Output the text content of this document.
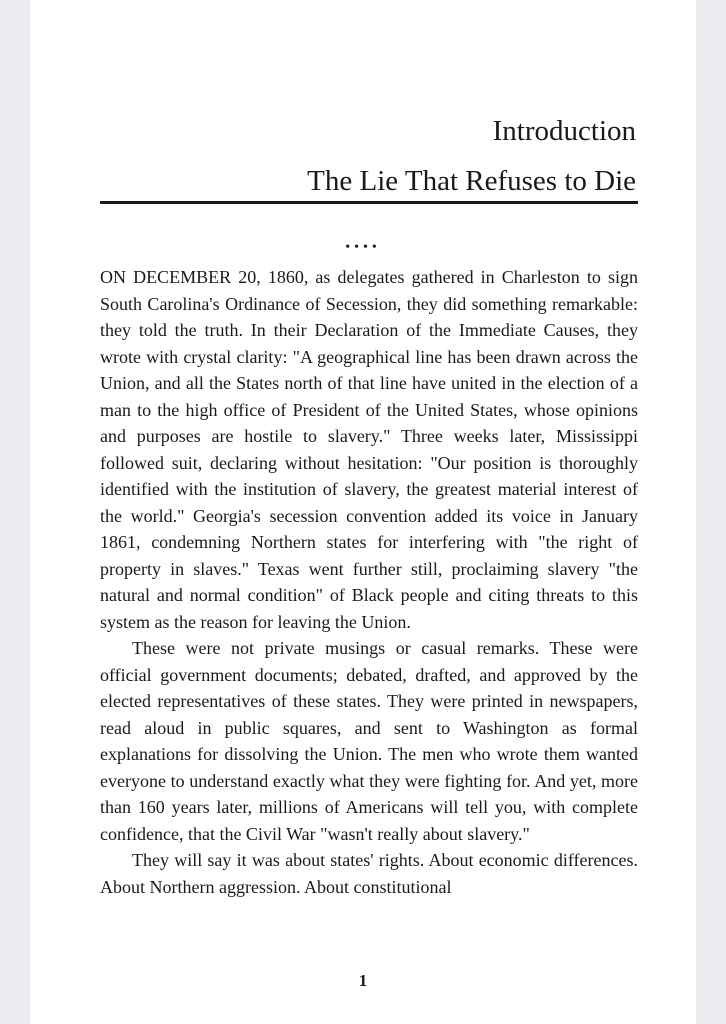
Introduction
The Lie That Refuses to Die
••••

ON DECEMBER 20, 1860, as delegates gathered in Charleston to sign South Carolina's Ordinance of Secession, they did something remarkable: they told the truth. In their Declaration of the Immediate Causes, they wrote with crystal clarity: "A geographical line has been drawn across the Union, and all the States north of that line have united in the election of a man to the high office of President of the United States, whose opinions and purposes are hostile to slavery." Three weeks later, Mississippi followed suit, declaring without hesitation: "Our position is thoroughly identified with the institution of slavery, the greatest material interest of the world." Georgia's secession convention added its voice in January 1861, condemning Northern states for interfering with "the right of property in slaves." Texas went further still, proclaiming slavery "the natural and normal condition" of Black people and citing threats to this system as the reason for leaving the Union.

These were not private musings or casual remarks. These were official government documents; debated, drafted, and approved by the elected representatives of these states. They were printed in newspapers, read aloud in public squares, and sent to Washington as formal explanations for dissolving the Union. The men who wrote them wanted everyone to understand exactly what they were fighting for. And yet, more than 160 years later, millions of Americans will tell you, with complete confidence, that the Civil War "wasn't really about slavery."

They will say it was about states' rights. About economic differences. About Northern aggression. About constitutional

1
